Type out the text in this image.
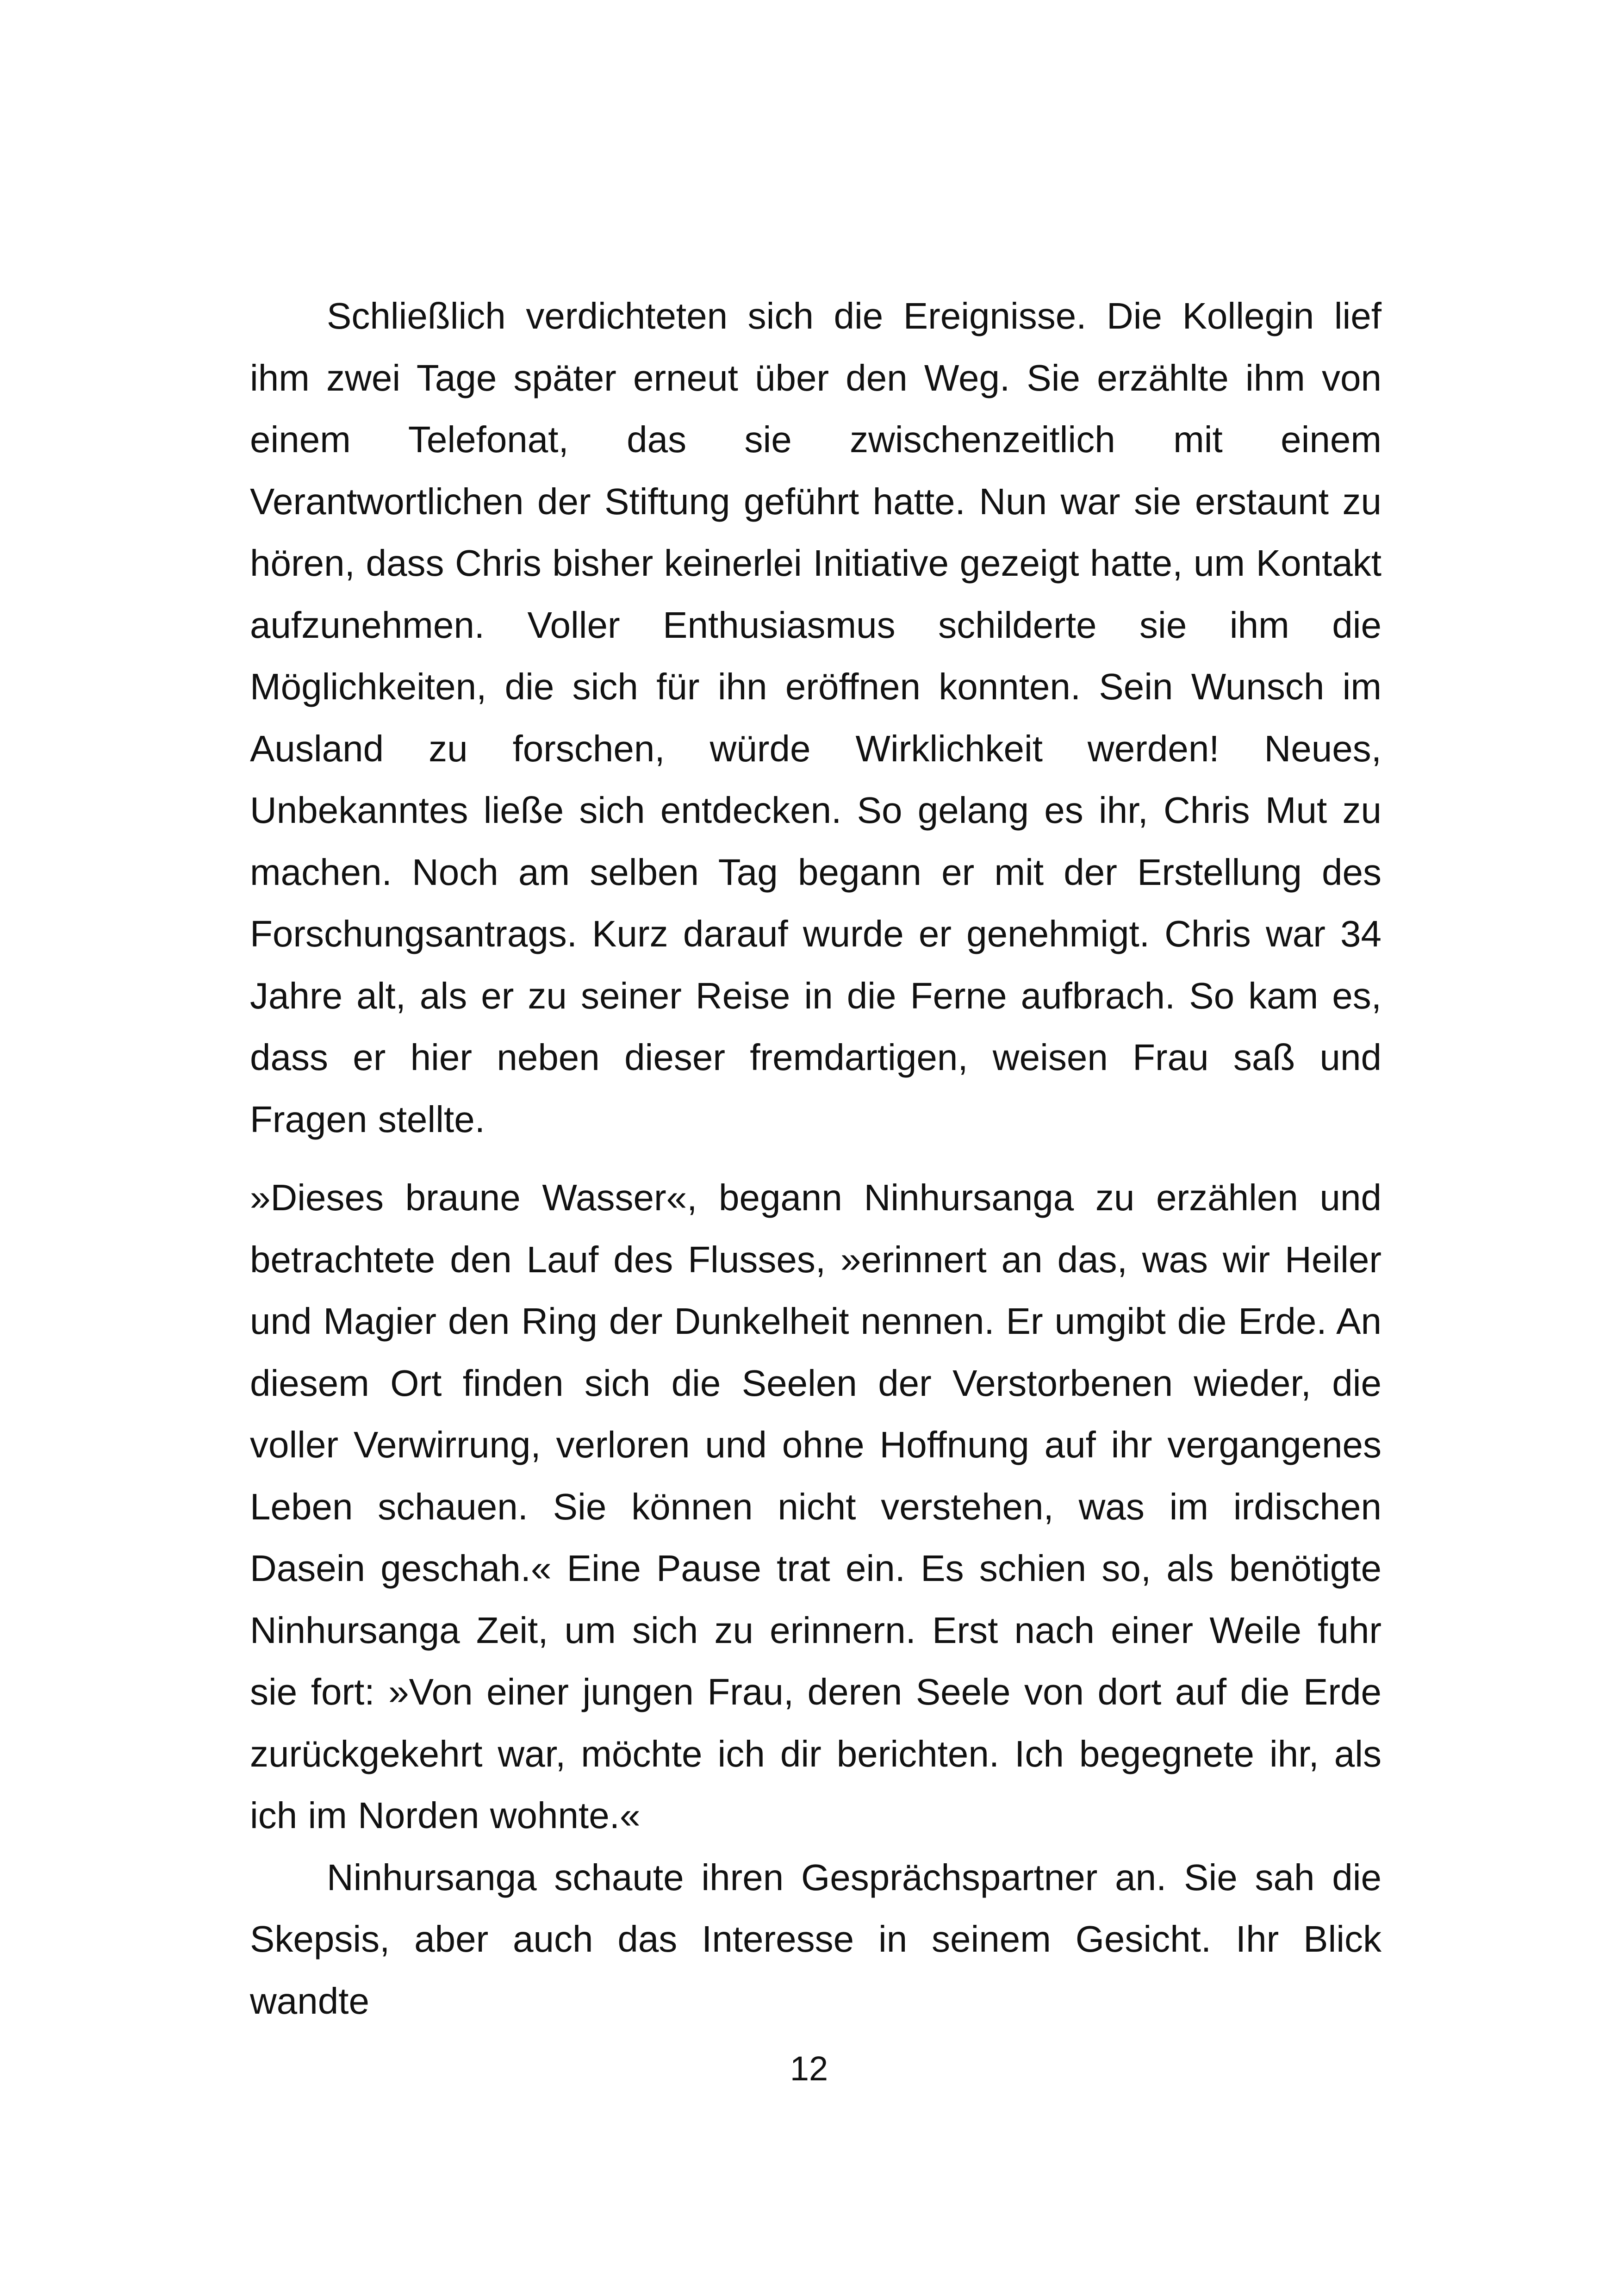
Schließlich verdichteten sich die Ereignisse. Die Kollegin lief ihm zwei Tage später erneut über den Weg. Sie erzählte ihm von einem Telefonat, das sie zwischenzeitlich mit einem Verantwortlichen der Stiftung geführt hatte. Nun war sie erstaunt zu hören, dass Chris bisher keinerlei Initiative gezeigt hatte, um Kontakt aufzunehmen. Voller Enthusiasmus schilderte sie ihm die Möglichkeiten, die sich für ihn eröffnen konnten. Sein Wunsch im Ausland zu forschen, würde Wirklichkeit werden! Neues, Unbekanntes ließe sich entdecken. So gelang es ihr, Chris Mut zu machen. Noch am selben Tag begann er mit der Erstellung des Forschungsantrags. Kurz darauf wurde er genehmigt. Chris war 34 Jahre alt, als er zu seiner Reise in die Ferne aufbrach. So kam es, dass er hier neben dieser fremdartigen, weisen Frau saß und Fragen stellte.

»Dieses braune Wasser«, begann Ninhursanga zu erzählen und betrachtete den Lauf des Flusses, »erinnert an das, was wir Heiler und Magier den Ring der Dunkelheit nennen. Er umgibt die Erde. An diesem Ort finden sich die Seelen der Verstorbenen wieder, die voller Verwirrung, verloren und ohne Hoffnung auf ihr vergangenes Leben schauen. Sie können nicht verstehen, was im irdischen Dasein geschah.« Eine Pause trat ein. Es schien so, als benötigte Ninhursanga Zeit, um sich zu erinnern. Erst nach einer Weile fuhr sie fort: »Von einer jungen Frau, deren Seele von dort auf die Erde zurückgekehrt war, möchte ich dir berichten. Ich begegnete ihr, als ich im Norden wohnte.«

Ninhursanga schaute ihren Gesprächspartner an. Sie sah die Skepsis, aber auch das Interesse in seinem Gesicht. Ihr Blick wandte

12
